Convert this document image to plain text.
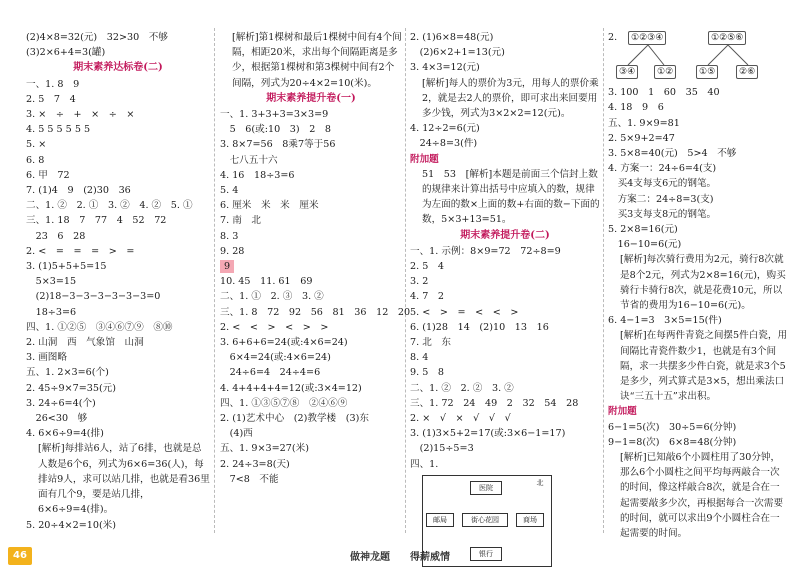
(2)4×8=32(元)　32>30　不够
(3)2×6+4=3(罐)
期末素养达标卷(二)
一、1. 8　9
2. 5　7　4
3. ×　÷　+　×　÷　×
4. 5 5 5 5 5 5
5. ×
6. 8
6. 甲　72
7. (1)4　9　(2)30　36
二、1. ②　2. ①　3. ②　4. ②　5. ①
三、1. 18　7　77　4　52　72
　23　6　28
2. <　=　=　=　>　=
3. (1)5+5+5=15
　5×3=15
　(2)18−3−3−3−3−3−3=0
　18÷3=6
四、1. ①②⑤　③④⑥⑦⑨　⑧⑩
2. 山洞　西　气象馆　山洞
3. 画图略
五、1. 2×3=6(个)
2. 45÷9×7=35(元)
3. 24÷6=4(个)
　26<30　够
4. 6×6÷9=4(排)
[解析]每排站6人，站了6排，也就是总人数是6个6，列式为6×6=36(人)，每排站9人，求可以站几排，也就是看36里面有几个9，要是站几排，6×6÷9=4(排)。
5. 20÷4×2=10(米)
[解析]第1棵树和最后1棵树中间有4个间隔，相距20米，求出每个间隔距离是多少，根据第1棵树和第3棵树中间有2个间隔，列式为20÷4×2=10(米)。
期末素养提升卷(一)
一、1. 3+3+3=3×3=9
　5　6(或:10　3)　2　8
3. 8×7=56　8乘7等于56
　七八五十六
4. 16　18÷3=6
5. 4
6. 厘米　米　米　厘米
7. 南　北
8. 3
9. 28
9
10. 45　11. 61　69
二、1. ①　2. ③　3. ②
三、1. 8　72　92　56　81　36　12　20
2. <　<　>　<　>　>
3. 6+6+6=24(或:4×6=24)
　6×4=24(或:4×6=24)
　24÷6=4　24÷4=6
4. 4+4+4+4=12(或:3×4=12)
四、1. ①③⑤⑦⑧　②④⑥⑨
2. (1)艺术中心　(2)教学楼　(3)东
　(4)西
五、1. 9×3=27(米)
2. 24÷3=8(天)
　7<8　不能
2. (1)6×8=48(元)
　(2)6×2+1=13(元)
3. 4×3=12(元)
[解析]每人的票价为3元，用每人的票价乘2，就是去2人的票价，即可求出来回要用多少钱，列式为3×2×2=12(元)。
4. 12÷2=6(元)
　24÷8=3(件)
附加题
51　53　[解析]本题是前面三个信封上数的规律来计算出括号中应填入的数，规律为左面的数×上面的数+右面的数−下面的数，5×3+13=51。
期末素养提升卷(二)
一、1. 示例：8×9=72　72÷8=9
2. 5　4
3. 2
4. 7　2
5. <　>　=　<　<　>
6. (1)28　14　(2)10　13　16
7. 北　东
8. 4
9. 5　8
二、1. ②　2. ②　3. ②
三、1. 72　24　49　2　32　54　28
2. ×　√　×　√　√　√
3. (1)3×5+2=17(或:3×6−1=17)
　(2)15÷5=3
四、1.
北
医院
邮局	街心花园	商场
银行
2.	①②③④	①②⑤⑥
③④	①②	①⑤	②⑥
3. 100　1　60　35　40
4. 18　9　6
五、1. 9×9=81
2. 5×9+2=47
3. 5×8=40(元)　5>4　不够
4. 方案一：24÷6=4(支)
　买4支每支6元的钢笔。
　方案二：24÷8=3(支)
　买3支每支8元的钢笔。
5. 2×8=16(元)
　16−10=6(元)
[解析]每次骑行费用为2元，骑行8次就是8个2元，列式为2×8=16(元)，购买骑行卡骑行8次，就是花费10元，所以节省的费用为16−10=6(元)。
6. 4−1=3　3×5=15(件)
[解析]在每两件青瓷之间摆5件白瓷，用间隔比青瓷件数少1，也就是有3个间隔，求一共摆多少件白瓷，就是求3个5是多少，列式算式是3×5，想出乘法口诀“三五十五”求出积。
附加题
6−1=5(次)　30÷5=6(分钟)
9−1=8(次)　6×8=48(分钟)
[解析]已知敲6个小圆柱用了30分钟，那么6个小圆柱之间平均每两敲合一次的时间，像这样敲合8次，就是合在一起需要敲多少次，再根据每合一次需要的时间，就可以求出9个小圆柱合在一起需要的时间。
做神龙题　　得薪威情
46
